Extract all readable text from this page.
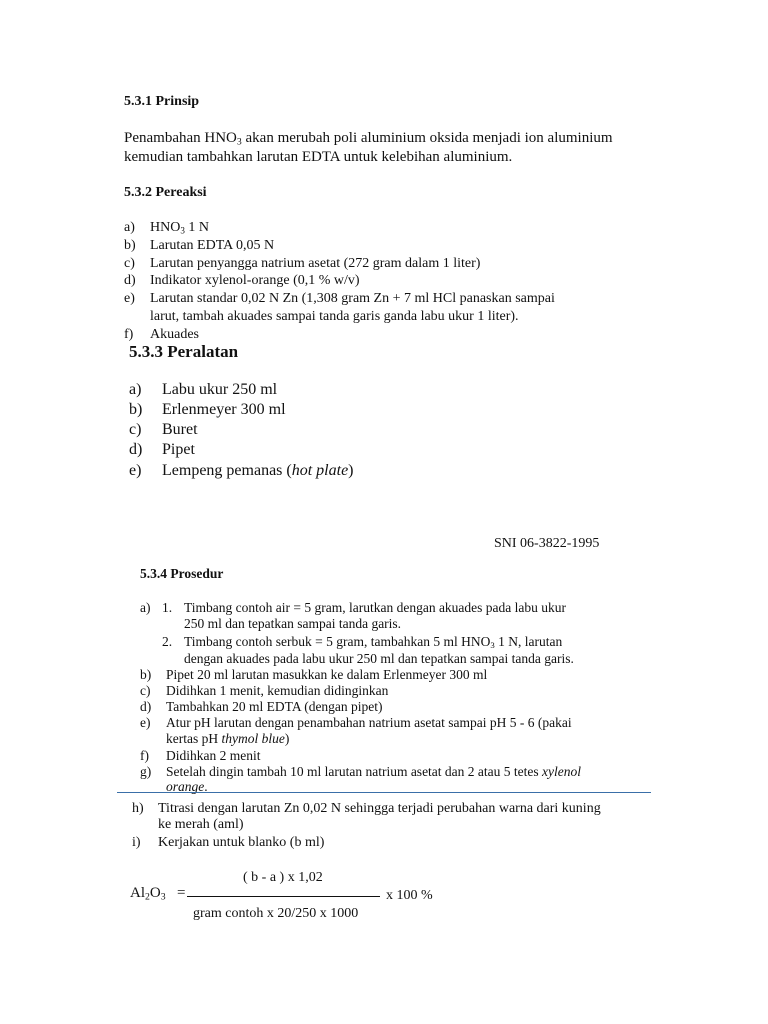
5.3.1 Prinsip
Penambahan $HNO_3$ akan merubah poli aluminium oksida menjadi ion aluminium
kemudian tambahkan larutan EDTA untuk kelebihan aluminium.
5.3.2 Pereaksi
a) $HNO_3$ 1 N
b) Larutan EDTA 0,05 N
c) Larutan penyangga natrium asetat (272 gram dalam 1 liter)
d) Indikator xylenol-orange (0,1 % w/v)
e) Larutan standar 0,02 N Zn (1,308 gram Zn + 7 ml HCl panaskan sampai
larut, tambah akuades sampai tanda garis ganda labu ukur 1 liter).
f) Akuades
5.3.3 Peralatan
a) Labu ukur 250 ml
b) Erlenmeyer 300 ml
c) Buret
d) Pipet
e) Lempeng pemanas (hot plate)
SNI 06-3822-1995
5.3.4 Prosedur
a) 1. Timbang contoh air = 5 gram, larutkan dengan akuades pada labu ukur
250 ml dan tepatkan sampai tanda garis.
2. Timbang contoh serbuk = 5 gram, tambahkan 5 ml $HNO_3$ 1 N, larutan
dengan akuades pada labu ukur 250 ml dan tepatkan sampai tanda garis.
b) Pipet 20 ml larutan masukkan ke dalam Erlenmeyer 300 ml
c) Didihkan 1 menit, kemudian didinginkan
d) Tambahkan 20 ml EDTA (dengan pipet)
e) Atur pH larutan dengan penambahan natrium asetat sampai pH 5 - 6 (pakai
kertas pH thymol blue)
f) Didihkan 2 menit
g) Setelah dingin tambah 10 ml larutan natrium asetat dan 2 atau 5 tetes xylenol
orange.
h) Titrasi dengan larutan Zn 0,02 N sehingga terjadi perubahan warna dari kuning
ke merah (aml)
i) Kerjakan untuk blanko (b ml)
$Al_2O_3$ =
( b - a ) x 1,02
gram contoh x 20/250 x 1000
x 100 %
